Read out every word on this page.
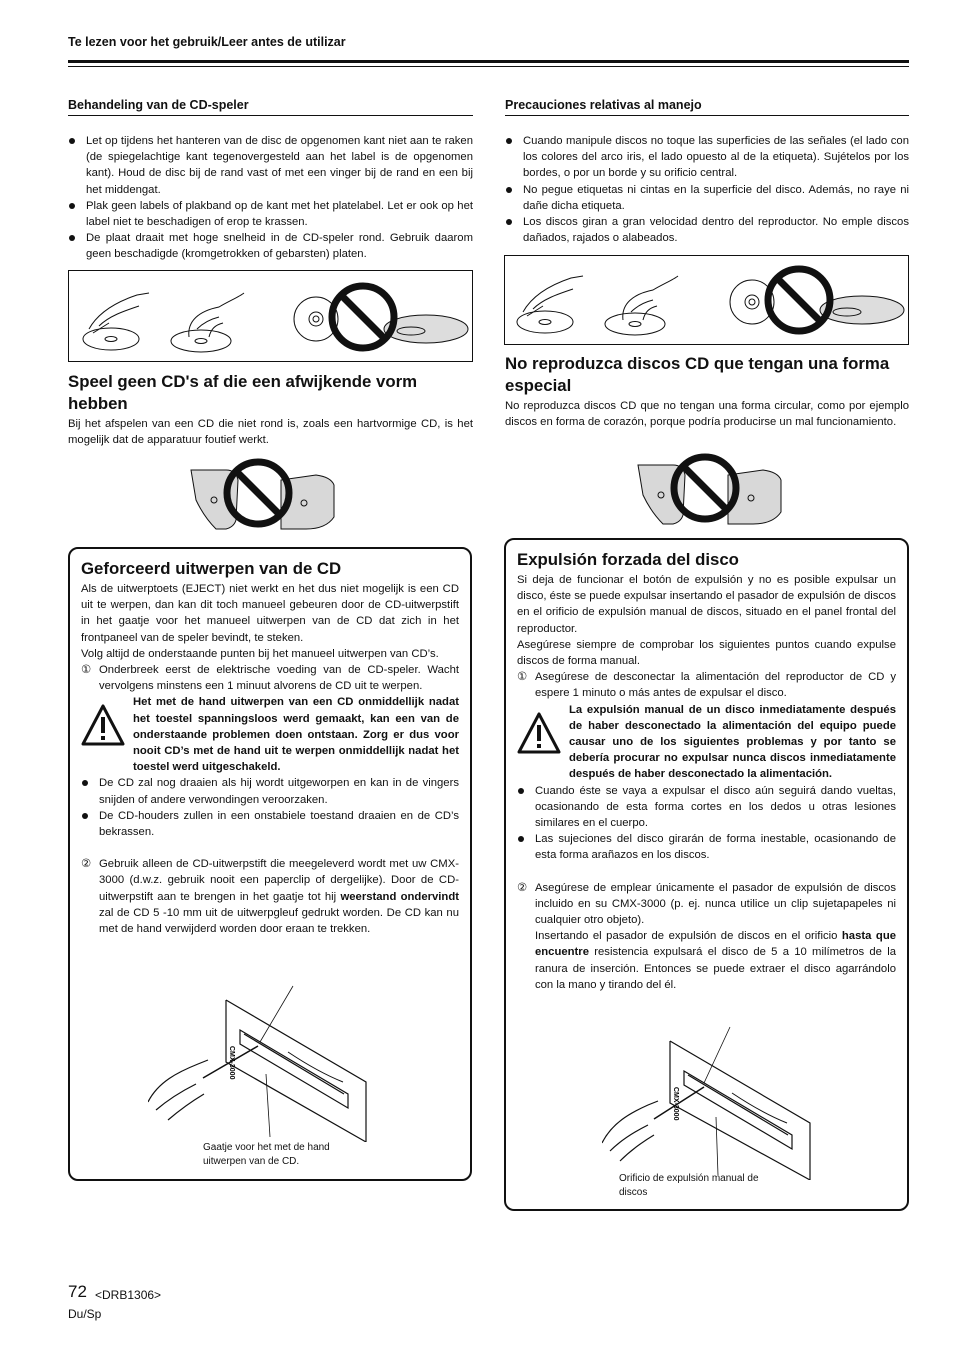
Te lezen voor het gebruik/Leer antes de utilizar
Behandeling van de CD-speler
Let op tijdens het hanteren van de disc de opgenomen kant niet aan te raken (de spiegelachtige kant tegenovergesteld aan het label is de opgenomen kant). Houd de disc bij de rand vast of met een vinger bij de rand en een bij het middengat.
Plak geen labels of plakband op de kant met het platelabel. Let er ook op het label niet te beschadigen of erop te krassen.
De plaat draait met hoge snelheid in de CD-speler rond. Gebruik daarom geen beschadigde (kromgetrokken of gebarsten) platen.
Speel geen CD's af die een afwijkende vorm hebben
Bij het afspelen van een CD die niet rond is, zoals een hartvormige CD, is het mogelijk dat de apparatuur foutief werkt.
Geforceerd uitwerpen van de CD
Als de uitwerptoets (EJECT) niet werkt en het dus niet mogelijk is een CD uit te werpen, dan kan dit toch manueel gebeuren door de CD-uitwerpstift in het gaatje voor het manueel uitwerpen van de CD dat zich in het frontpaneel van de speler bevindt, te steken.
Volg altijd de onderstaande punten bij het manueel uitwerpen van CD’s.
① Onderbreek eerst de elektrische voeding van de CD-speler. Wacht vervolgens minstens een 1 minuut alvorens de CD uit te werpen.
Het met de hand uitwerpen van een CD onmiddellijk nadat het toestel spanningsloos werd gemaakt, kan een van de onderstaande problemen doen ontstaan. Zorg er dus voor nooit CD’s met de hand uit te werpen onmiddellijk nadat het toestel werd uitgeschakeld.
De CD zal nog draaien als hij wordt uitgeworpen en kan in de vingers snijden of andere verwondingen veroorzaken.
De CD-houders zullen in een onstabiele toestand draaien en de CD’s bekrassen.
② Gebruik alleen de CD-uitwerpstift die meegeleverd wordt met uw CMX-3000 (d.w.z. gebruik nooit een paperclip of dergelijke). Door de CD-uitwerpstift aan te brengen in het gaatje tot hij weerstand ondervindt zal de CD 5 -10 mm uit de uitwerpgleuf gedrukt worden. De CD kan nu met de hand verwijderd worden door eraan te trekken.
CMX-3000
Gaatje voor het met de hand uitwerpen van de CD.
Precauciones relativas al manejo
Cuando manipule discos no toque las superficies de las señales (el lado con los colores del arco iris, el lado opuesto al de la etiqueta). Sujételos por los bordes, o por un borde y su orificio central.
No pegue etiquetas ni cintas en la superficie del disco. Además, no raye ni dañe dicha etiqueta.
Los discos giran a gran velocidad dentro del reproductor. No emple discos dañados, rajados o alabeados.
No reproduzca discos CD que tengan una forma especial
No reproduzca discos CD que no tengan una forma circular, como por ejemplo discos en forma de corazón, porque podría producirse un mal funcionamiento.
Expulsión forzada del disco
Si deja de funcionar el botón de expulsión y no es posible expulsar un disco, éste se puede expulsar insertando el pasador de expulsión de discos en el orificio de expulsión manual de discos, situado en el panel frontal del reproductor.
Asegúrese siempre de comprobar los siguientes puntos cuando expulse discos de forma manual.
① Asegúrese de desconectar la alimentación del reproductor de CD y espere 1 minuto o más antes de expulsar el disco.
La expulsión manual de un disco inmediatamente después de haber desconectado la alimentación del equipo puede causar uno de los siguientes problemas y por tanto se debería procurar no expulsar nunca discos inmediatamente después de haber desconectado la alimentación.
Cuando éste se vaya a expulsar el disco aún seguirá dando vueltas, ocasionando de esta forma cortes en los dedos u otras lesiones similares en el cuerpo.
Las sujeciones del disco girarán de forma inestable, ocasionando de esta forma arañazos en los discos.
② Asegúrese de emplear únicamente el pasador de expulsión de discos incluido en su CMX-3000 (p. ej. nunca utilice un clip sujetapapeles ni cualquier otro objeto).
Insertando el pasador de expulsión de discos en el orificio hasta que encuentre resistencia expulsará el disco de 5 a 10 milímetros de la ranura de inserción. Entonces se puede extraer el disco agarrándolo con la mano y tirando del él.
CMX-3000
Orificio de expulsión manual de discos
72 <DRB1306>
Du/Sp
